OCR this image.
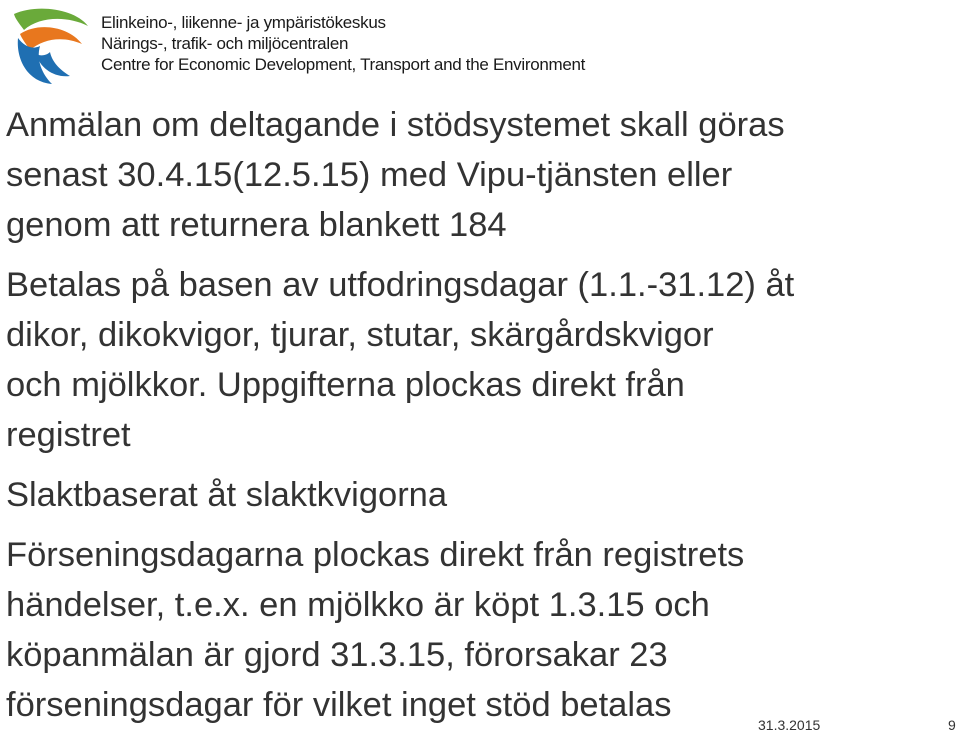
Elinkeino-, liikenne- ja ympäristökeskus
Närings-, trafik- och miljöcentralen
Centre for Economic Development, Transport and the Environment

Anmälan om deltagande i stödsystemet skall göras
senast 30.4.15(12.5.15) med Vipu-tjänsten eller
genom att returnera blankett 184

Betalas på basen av utfodringsdagar (1.1.-31.12) åt
dikor, dikokvigor, tjurar, stutar, skärgårdskvigor
och mjölkkor. Uppgifterna plockas direkt från
registret

Slaktbaserat åt slaktkvigorna

Förseningsdagarna plockas direkt från registrets
händelser, t.e.x. en mjölkko är köpt 1.3.15 och
köpanmälan är gjord 31.3.15, förorsakar 23
förseningsdagar för vilket inget stöd betalas

31.3.2015	9
